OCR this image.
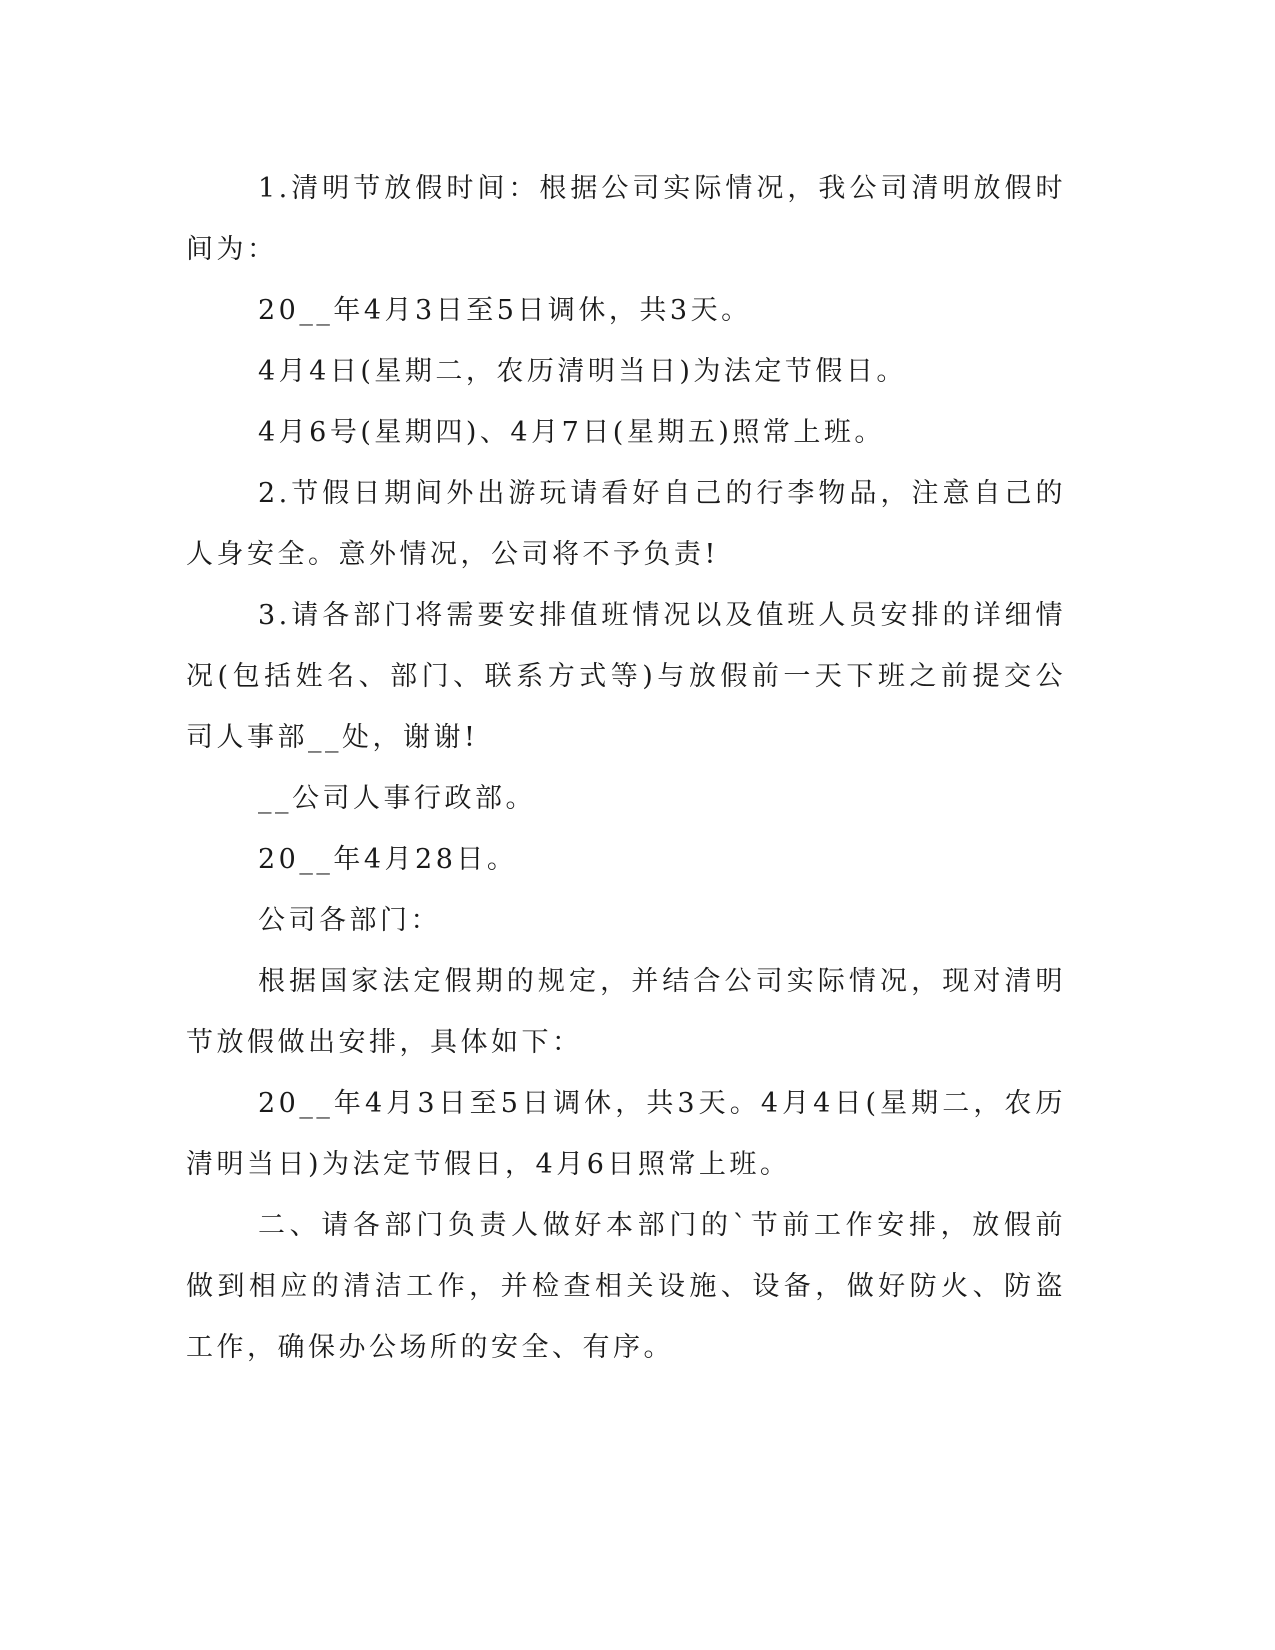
1.清明节放假时间：根据公司实际情况，我公司清明放假时间为：

20__年4月3日至5日调休，共3天。

4月4日(星期二，农历清明当日)为法定节假日。

4月6号(星期四)、4月7日(星期五)照常上班。

2.节假日期间外出游玩请看好自己的行李物品，注意自己的人身安全。意外情况，公司将不予负责!

3.请各部门将需要安排值班情况以及值班人员安排的详细情况(包括姓名、部门、联系方式等)与放假前一天下班之前提交公司人事部__处，谢谢!

__公司人事行政部。

20__年4月28日。

公司各部门：

根据国家法定假期的规定，并结合公司实际情况，现对清明节放假做出安排，具体如下：

20__年4月3日至5日调休，共3天。4月4日(星期二，农历清明当日)为法定节假日，4月6日照常上班。

二、请各部门负责人做好本部门的`节前工作安排，放假前做到相应的清洁工作，并检查相关设施、设备，做好防火、防盗工作，确保办公场所的安全、有序。
